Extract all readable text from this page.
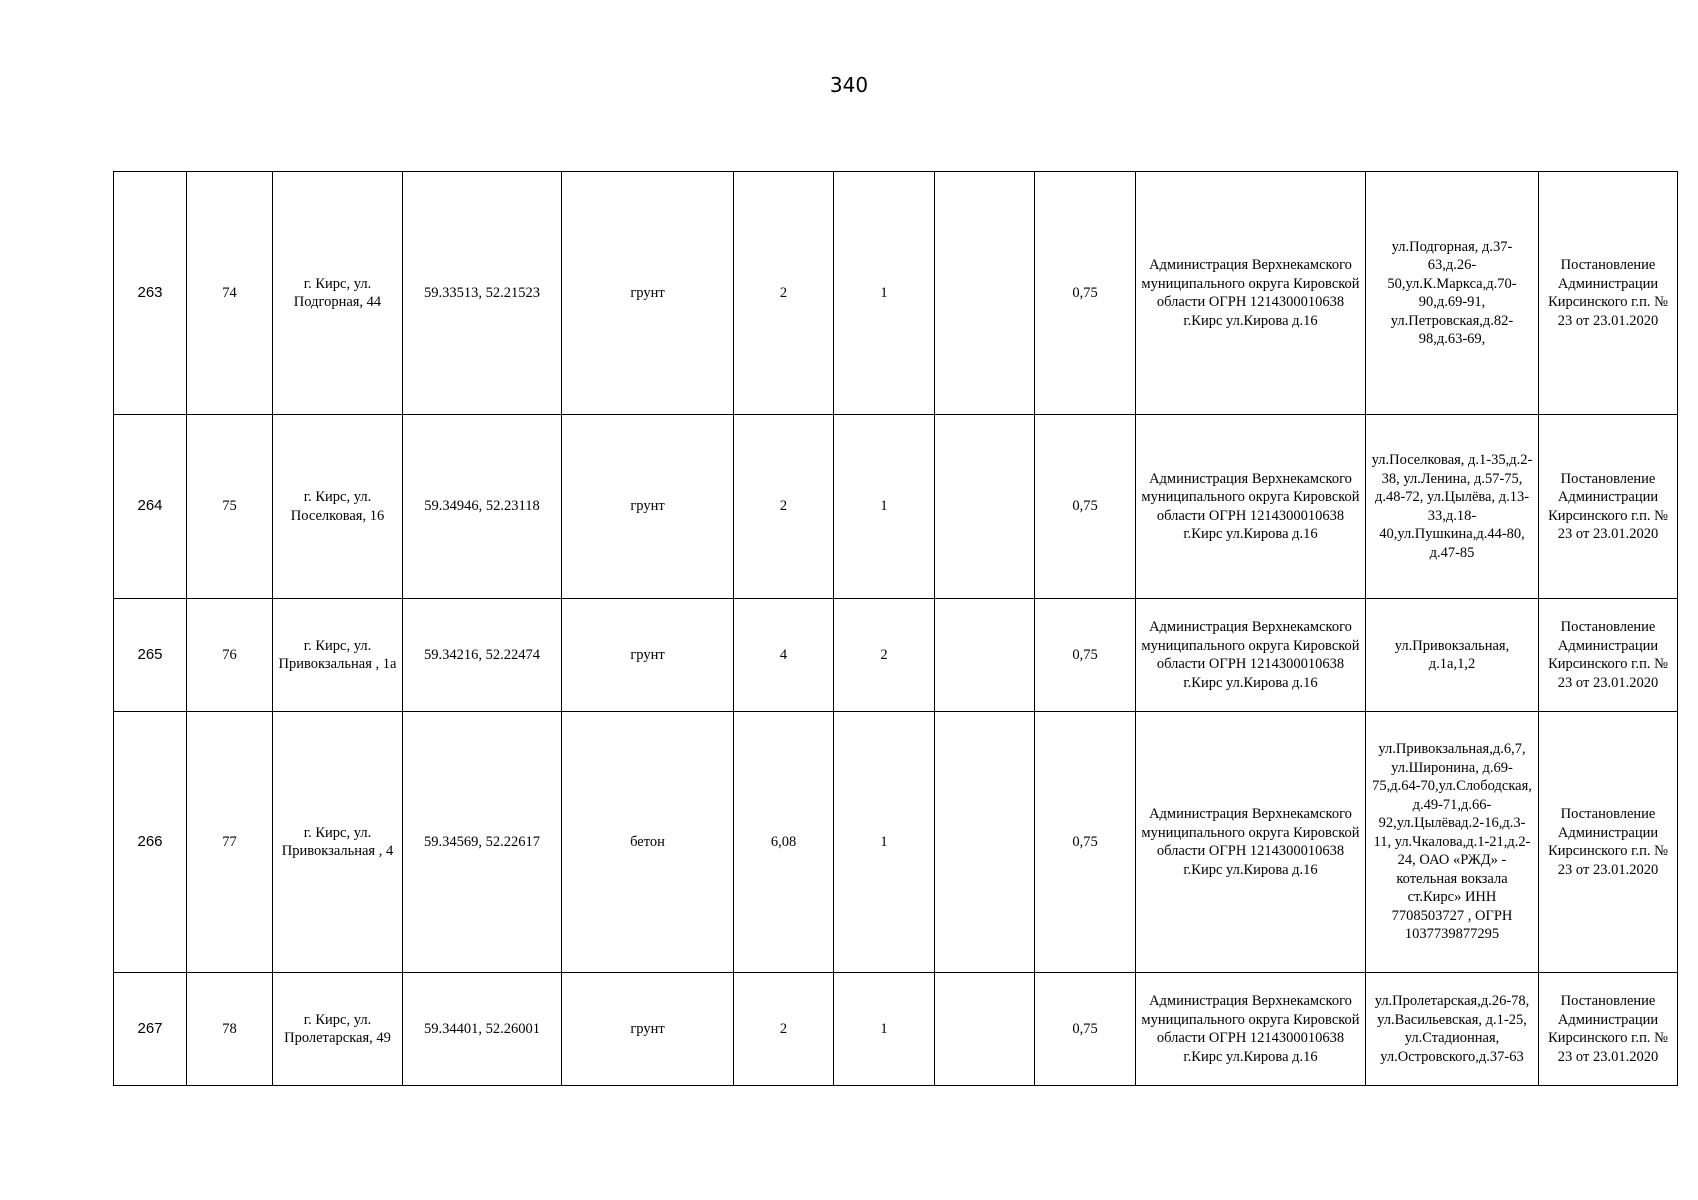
340
263	74	г. Кирс, ул. Подгорная, 44	59.33513, 52.21523	грунт	2	1		0,75	Администрация Верхнекамского муниципального округа Кировской области ОГРН 1214300010638 г.Кирс ул.Кирова д.16	ул.Подгорная, д.37-63,д.26-50,ул.К.Маркса,д.70-90,д.69-91, ул.Петровская,д.82-98,д.63-69,	Постановление Администрации Кирсинского г.п. № 23 от 23.01.2020
264	75	г. Кирс, ул. Поселковая, 16	59.34946, 52.23118	грунт	2	1		0,75	Администрация Верхнекамского муниципального округа Кировской области ОГРН 1214300010638 г.Кирс ул.Кирова д.16	ул.Поселковая, д.1-35,д.2-38, ул.Ленина, д.57-75, д.48-72, ул.Цылёва, д.13-33,д.18-40,ул.Пушкина,д.44-80, д.47-85	Постановление Администрации Кирсинского г.п. № 23 от 23.01.2020
265	76	г. Кирс, ул. Привокзальная , 1а	59.34216, 52.22474	грунт	4	2		0,75	Администрация Верхнекамского муниципального округа Кировской области ОГРН 1214300010638 г.Кирс ул.Кирова д.16	ул.Привокзальная, д.1а,1,2	Постановление Администрации Кирсинского г.п. № 23 от 23.01.2020
266	77	г. Кирс, ул. Привокзальная , 4	59.34569, 52.22617	бетон	6,08	1		0,75	Администрация Верхнекамского муниципального округа Кировской области ОГРН 1214300010638 г.Кирс ул.Кирова д.16	ул.Привокзальная,д.6,7, ул.Широнина, д.69-75,д.64-70,ул.Слободская, д.49-71,д.66-92,ул.Цылёвад.2-16,д.3-11, ул.Чкалова,д.1-21,д.2-24, ОАО «РЖД» - котельная вокзала ст.Кирс» ИНН 7708503727 , ОГРН 1037739877295	Постановление Администрации Кирсинского г.п. № 23 от 23.01.2020
267	78	г. Кирс, ул. Пролетарская, 49	59.34401, 52.26001	грунт	2	1		0,75	Администрация Верхнекамского муниципального округа Кировской области ОГРН 1214300010638 г.Кирс ул.Кирова д.16	ул.Пролетарская,д.26-78, ул.Васильевская, д.1-25, ул.Стадионная, ул.Островского,д.37-63	Постановление Администрации Кирсинского г.п. № 23 от 23.01.2020
